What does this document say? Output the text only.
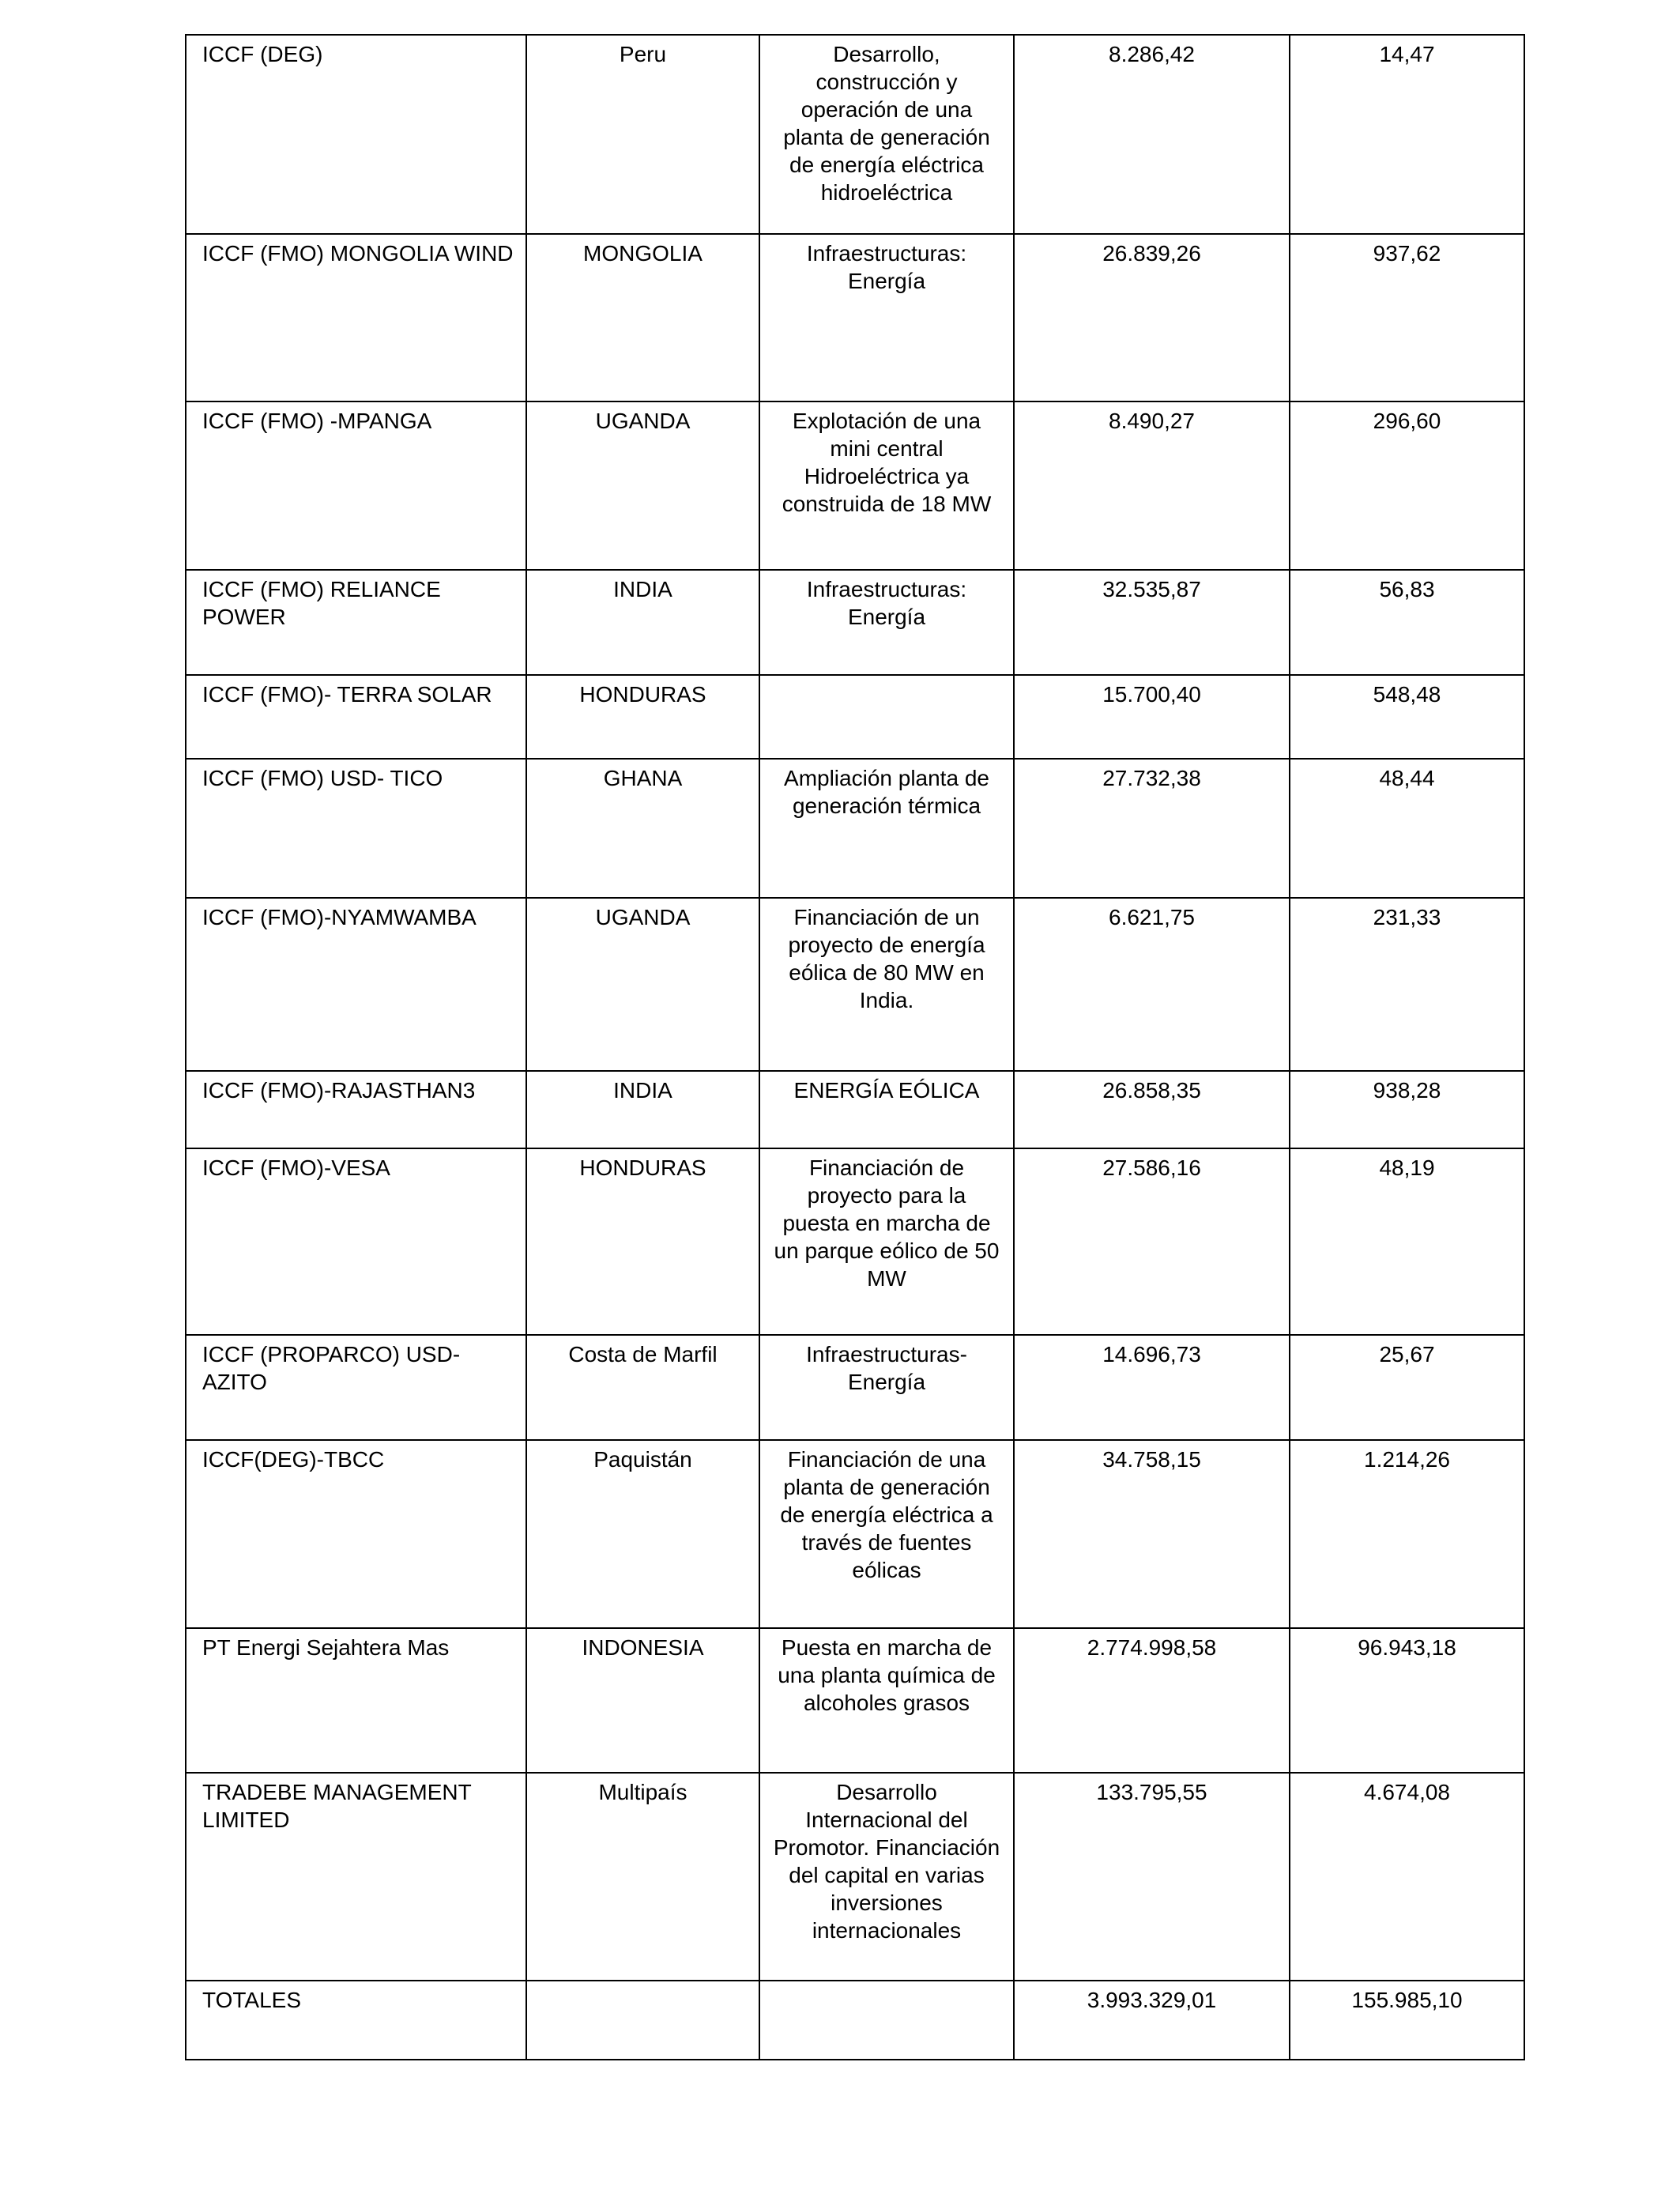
ICCF (DEG)	Peru	Desarrollo, construcción y operación de una planta de generación de energía eléctrica hidroeléctrica	8.286,42	14,47
ICCF (FMO) MONGOLIA WIND	MONGOLIA	Infraestructuras: Energía	26.839,26	937,62
ICCF (FMO) -MPANGA	UGANDA	Explotación de una mini central Hidroeléctrica ya construida de 18 MW	8.490,27	296,60
ICCF (FMO) RELIANCE POWER	INDIA	Infraestructuras: Energía	32.535,87	56,83
ICCF (FMO)- TERRA SOLAR	HONDURAS		15.700,40	548,48
ICCF (FMO) USD- TICO	GHANA	Ampliación planta de generación térmica	27.732,38	48,44
ICCF (FMO)-NYAMWAMBA	UGANDA	Financiación de un proyecto de energía eólica de 80 MW en India.	6.621,75	231,33
ICCF (FMO)-RAJASTHAN3	INDIA	ENERGÍA EÓLICA	26.858,35	938,28
ICCF (FMO)-VESA	HONDURAS	Financiación de proyecto para la puesta en marcha de un parque eólico de 50 MW	27.586,16	48,19
ICCF (PROPARCO) USD-AZITO	Costa de Marfil	Infraestructuras-Energía	14.696,73	25,67
ICCF(DEG)-TBCC	Paquistán	Financiación de una planta de generación de energía eléctrica a través de fuentes eólicas	34.758,15	1.214,26
PT Energi Sejahtera Mas	INDONESIA	Puesta en marcha de una planta química de alcoholes grasos	2.774.998,58	96.943,18
TRADEBE MANAGEMENT LIMITED	Multipaís	Desarrollo Internacional del Promotor. Financiación del capital en varias inversiones internacionales	133.795,55	4.674,08
TOTALES			3.993.329,01	155.985,10
